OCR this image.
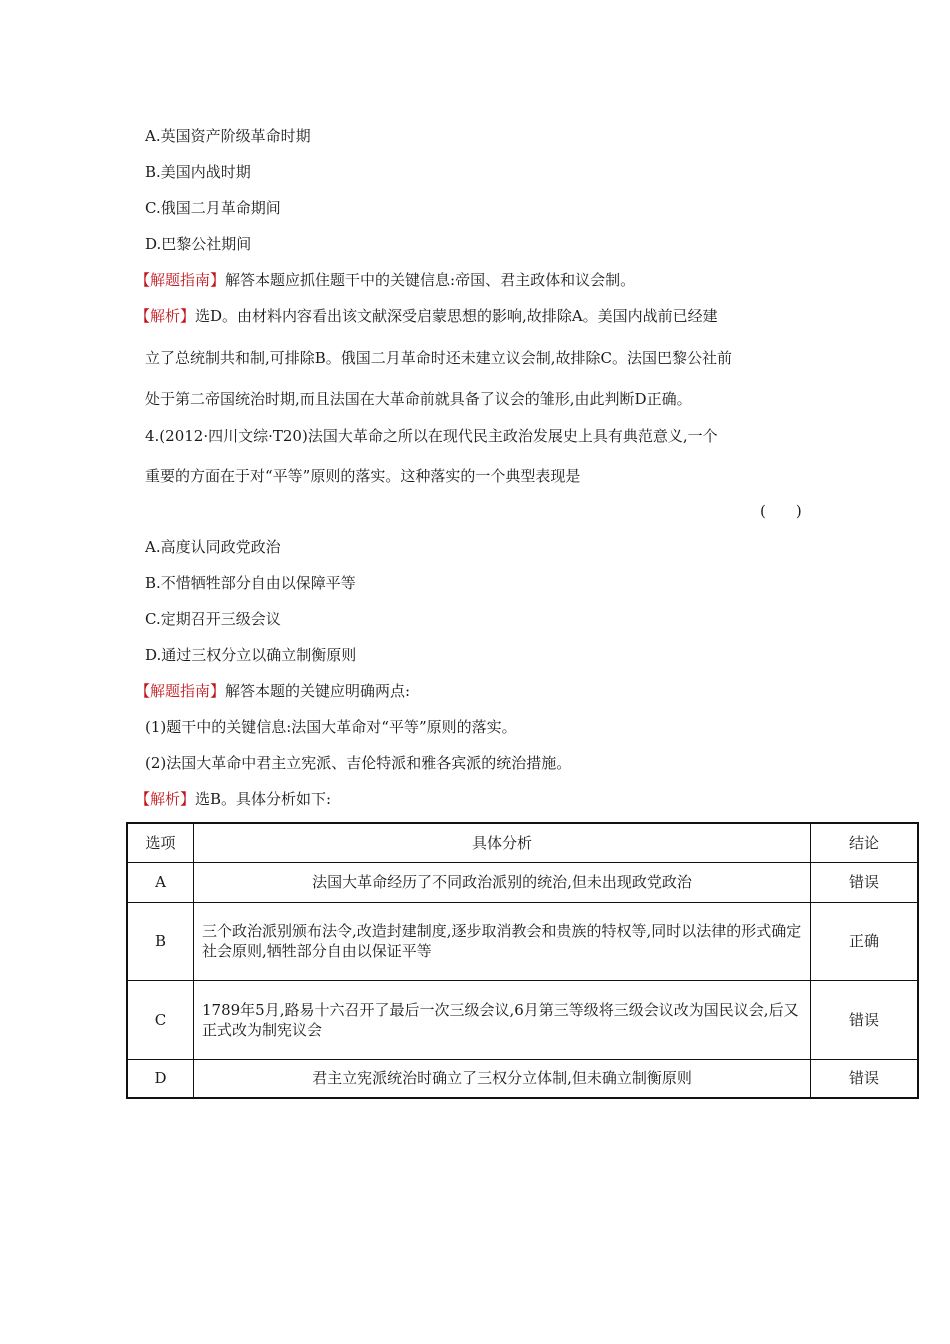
A.英国资产阶级革命时期
B.美国内战时期
C.俄国二月革命期间
D.巴黎公社期间
【解题指南】解答本题应抓住题干中的关键信息:帝国、君主政体和议会制。
【解析】选D。由材料内容看出该文献深受启蒙思想的影响,故排除A。美国内战前已经建
立了总统制共和制,可排除B。俄国二月革命时还未建立议会制,故排除C。法国巴黎公社前
处于第二帝国统治时期,而且法国在大革命前就具备了议会的雏形,由此判断D正确。
4.(2012·四川文综·T20)法国大革命之所以在现代民主政治发展史上具有典范意义,一个
重要的方面在于对“平等”原则的落实。这种落实的一个典型表现是
(　　)
A.高度认同政党政治
B.不惜牺牲部分自由以保障平等
C.定期召开三级会议
D.通过三权分立以确立制衡原则
【解题指南】解答本题的关键应明确两点:
(1)题干中的关键信息:法国大革命对“平等”原则的落实。
(2)法国大革命中君主立宪派、吉伦特派和雅各宾派的统治措施。
【解析】选B。具体分析如下:
选项	具体分析	结论
A	法国大革命经历了不同政治派别的统治,但未出现政党政治	错误
B	三个政治派别颁布法令,改造封建制度,逐步取消教会和贵族的特权等,同时以法律的形式确定社会原则,牺牲部分自由以保证平等	正确
C	1789年5月,路易十六召开了最后一次三级会议,6月第三等级将三级会议改为国民议会,后又正式改为制宪议会	错误
D	君主立宪派统治时确立了三权分立体制,但未确立制衡原则	错误
